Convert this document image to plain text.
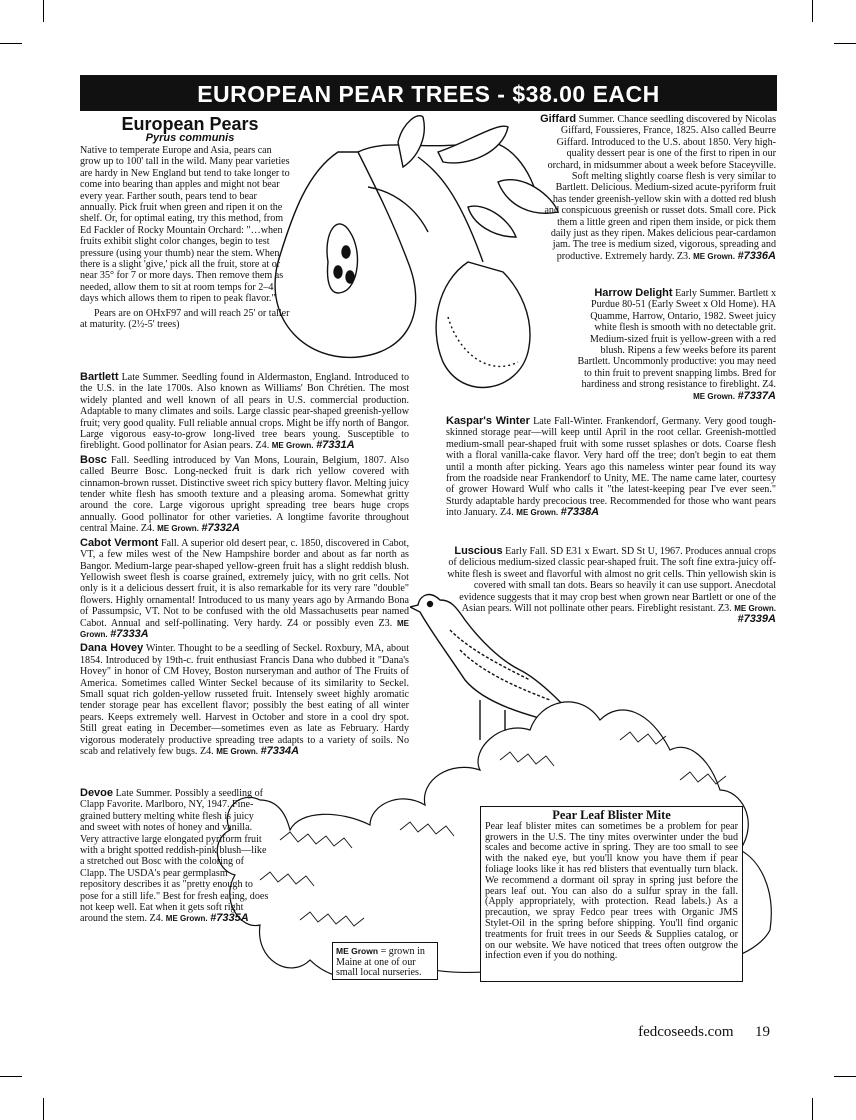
EUROPEAN PEAR TREES - $38.00 EACH
European Pears
Pyrus communis

Native to temperate Europe and Asia, pears can grow up to 100' tall in the wild. Many pear varieties are hardy in New England but tend to take longer to come into bearing than apples and might not bear every year. Farther south, pears tend to bear annually. Pick fruit when green and ripen it on the shelf. Or, for optimal eating, try this method, from Ed Fackler of Rocky Mountain Orchard: "…when fruits exhibit slight color changes, begin to test pressure (using your thumb) near the stem. When there is a slight 'give,' pick all the fruit, store at or near 35° for 7 or more days. Then remove them as needed, allow them to sit at room temps for 2–4 days which allows them to ripen to peak flavor."

Pears are on OHxF97 and will reach 25' or taller at maturity. (2½-5' trees)

Bartlett Late Summer. Seedling found in Aldermaston, England. Introduced to the U.S. in the late 1700s. Also known as Williams' Bon Chrétien. The most widely planted and well known of all pears in U.S. commercial production. Adaptable to many climates and soils. Large classic pear-shaped greenish-yellow fruit; very good quality. Full reliable annual crops. Might be iffy north of Bangor. Large vigorous easy-to-grow long-lived tree bears young. Susceptible to fireblight. Good pollinator for Asian pears. Z4. ME Grown. #7331A

Bosc Fall. Seedling introduced by Van Mons, Lourain, Belgium, 1807. Also called Beurre Bosc. Long-necked fruit is dark rich yellow covered with cinnamon-brown russet. Distinctive sweet rich spicy buttery flavor. Melting juicy tender white flesh has smooth texture and a pleasing aroma. Somewhat gritty around the core. Large vigorous upright spreading tree bears huge crops annually. Good pollinator for other varieties. A longtime favorite throughout central Maine. Z4. ME Grown. #7332A

Cabot Vermont Fall. A superior old desert pear, c. 1850, discovered in Cabot, VT, a few miles west of the New Hampshire border and about as far north as Bangor. Medium-large pear-shaped yellow-green fruit has a slight reddish blush. Yellowish sweet flesh is coarse grained, extremely juicy, with no grit cells. Not only is it a delicious dessert fruit, it is also remarkable for its very rare "double" flowers. Highly ornamental! Introduced to us many years ago by Armando Bona of Passumpsic, VT. Not to be confused with the old Massachusetts pear named Cabot. Annual and self-pollinating. Very hardy. Z4 or possibly even Z3. ME Grown. #7333A

Dana Hovey Winter. Thought to be a seedling of Seckel. Roxbury, MA, about 1854. Introduced by 19th-c. fruit enthusiast Francis Dana who dubbed it "Dana's Hovey" in honor of CM Hovey, Boston nurseryman and author of The Fruits of America. Sometimes called Winter Seckel because of its similarity to Seckel. Small squat rich golden-yellow russeted fruit. Intensely sweet highly aromatic tender storage pear has excellent flavor; possibly the best eating of all winter pears. Keeps extremely well. Harvest in October and store in a cool dry spot. Still great eating in December—sometimes even as late as February. Hardy vigorous moderately productive spreading tree adapts to a variety of soils. No scab and relatively few bugs. Z4. ME Grown. #7334A

Devoe Late Summer. Possibly a seedling of Clapp Favorite. Marlboro, NY, 1947. Fine-grained buttery melting white flesh is juicy and sweet with notes of honey and vanilla. Very attractive large elongated pyriform fruit with a bright spotted reddish-pink blush—like a stretched out Bosc with the coloring of Clapp. The USDA's pear germplasm repository describes it as "pretty enough to pose for a still life." Best for fresh eating, does not keep well. Eat when it gets soft right around the stem. Z4. ME Grown. #7335A

Giffard Summer. Chance seedling discovered by Nicolas Giffard, Foussieres, France, 1825. Also called Beurre Giffard. Introduced to the U.S. about 1850. Very high-quality dessert pear is one of the first to ripen in our orchard, in midsummer about a week before Staceyville. Soft melting slightly coarse flesh is very similar to Bartlett. Delicious. Medium-sized acute-pyriform fruit has tender greenish-yellow skin with a dotted red blush and conspicuous greenish or russet dots. Small core. Pick them a little green and ripen them inside, or pick them daily just as they ripen. Makes delicious pear-cardamon jam. The tree is medium sized, vigorous, spreading and productive. Extremely hardy. Z3. ME Grown. #7336A

Harrow Delight Early Summer. Bartlett x Purdue 80-51 (Early Sweet x Old Home). HA Quamme, Harrow, Ontario, 1982. Sweet juicy white flesh is smooth with no detectable grit. Medium-sized fruit is yellow-green with a red blush. Ripens a few weeks before its parent Bartlett. Uncommonly productive: you may need to thin fruit to prevent snapping limbs. Bred for hardiness and strong resistance to fireblight. Z4. ME Grown. #7337A

Kaspar's Winter Late Fall-Winter. Frankendorf, Germany. Very good tough-skinned storage pear—will keep until April in the root cellar. Greenish-mottled medium-small pear-shaped fruit with some russet splashes or dots. Coarse flesh with a floral vanilla-cake flavor. Very hard off the tree; don't begin to eat them until a month after picking. Years ago this nameless winter pear found its way from the roadside near Frankendorf to Unity, ME. The name came later, courtesy of grower Howard Wulf who calls it "the latest-keeping pear I've ever seen." Sturdy adaptable hardy precocious tree. Recommended for those who want pears into January. Z4. ME Grown. #7338A

Luscious Early Fall. SD E31 x Ewart. SD St U, 1967. Produces annual crops of delicious medium-sized classic pear-shaped fruit. The soft fine extra-juicy off-white flesh is sweet and flavorful with almost no grit cells. Thin yellowish skin is covered with small tan dots. Bears so heavily it can use support. Anecdotal evidence suggests that it may crop best when grown near Bartlett or one of the Asian pears. Will not pollinate other pears. Fireblight resistant. Z3. ME Grown. #7339A

ME Grown = grown in Maine at one of our small local nurseries.
Pear Leaf Blister Mite
Pear leaf blister mites can sometimes be a problem for pear growers in the U.S. The tiny mites overwinter under the bud scales and become active in spring. They are too small to see with the naked eye, but you'll know you have them if pear foliage looks like it has red blisters that eventually turn black. We recommend a dormant oil spray in spring just before the pears leaf out. You can also do a sulfur spray in the fall. (Apply appropriately, with protection. Read labels.) As a precaution, we spray Fedco pear trees with Organic JMS Stylet-Oil in the spring before shipping. You'll find organic treatments for fruit trees in our Seeds & Supplies catalog, or on our website. We have noticed that trees often outgrow the infection even if you do nothing.
fedcoseeds.com 19
